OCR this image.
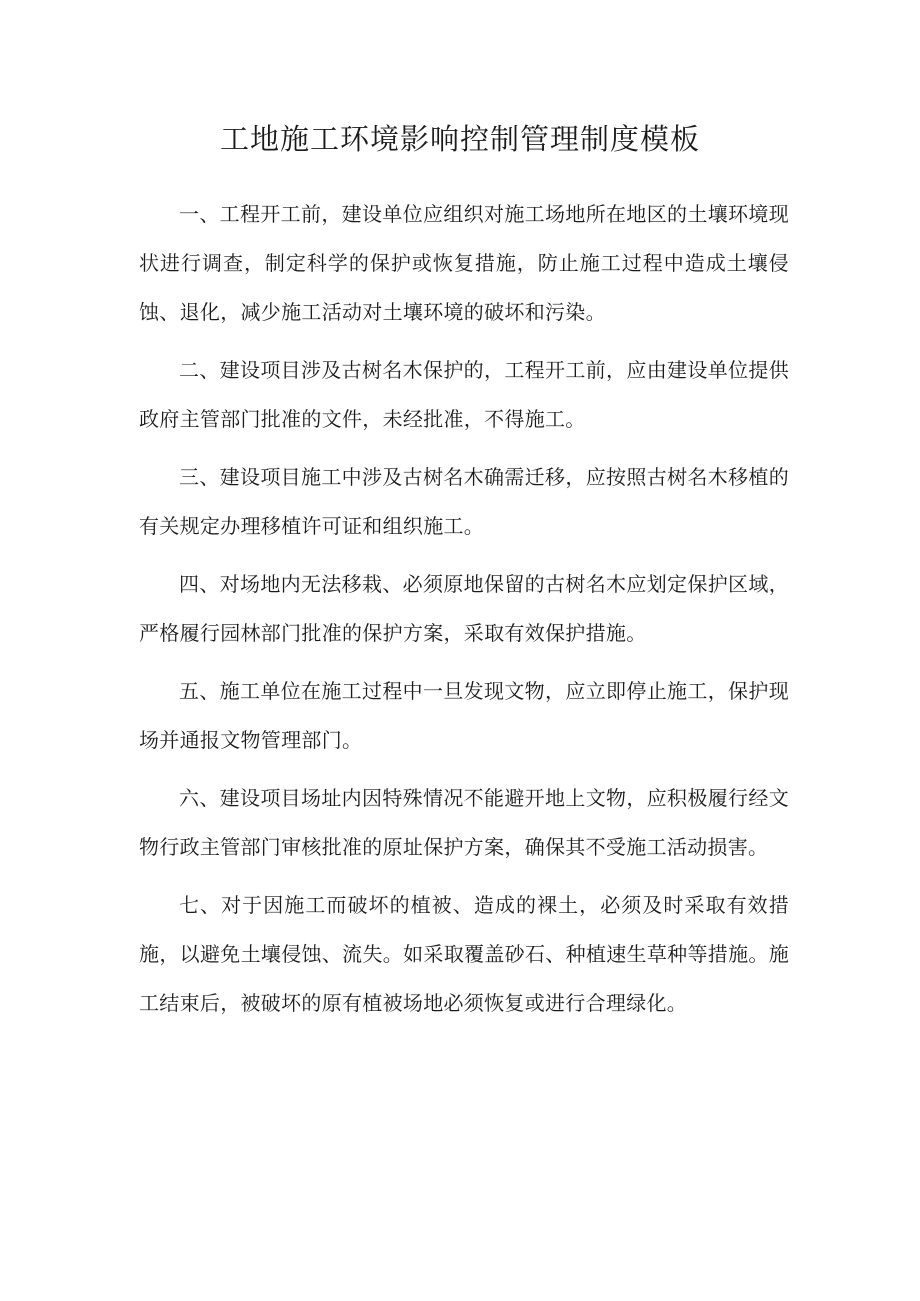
工地施工环境影响控制管理制度模板

一、工程开工前，建设单位应组织对施工场地所在地区的土壤环境现状进行调查，制定科学的保护或恢复措施，防止施工过程中造成土壤侵蚀、退化，减少施工活动对土壤环境的破坏和污染。

二、建设项目涉及古树名木保护的，工程开工前，应由建设单位提供政府主管部门批准的文件，未经批准，不得施工。

三、建设项目施工中涉及古树名木确需迁移，应按照古树名木移植的有关规定办理移植许可证和组织施工。

四、对场地内无法移栽、必须原地保留的古树名木应划定保护区域，严格履行园林部门批准的保护方案，采取有效保护措施。

五、施工单位在施工过程中一旦发现文物，应立即停止施工，保护现场并通报文物管理部门。

六、建设项目场址内因特殊情况不能避开地上文物，应积极履行经文物行政主管部门审核批准的原址保护方案，确保其不受施工活动损害。

七、对于因施工而破坏的植被、造成的裸土，必须及时采取有效措施，以避免土壤侵蚀、流失。如采取覆盖砂石、种植速生草种等措施。施工结束后，被破坏的原有植被场地必须恢复或进行合理绿化。
